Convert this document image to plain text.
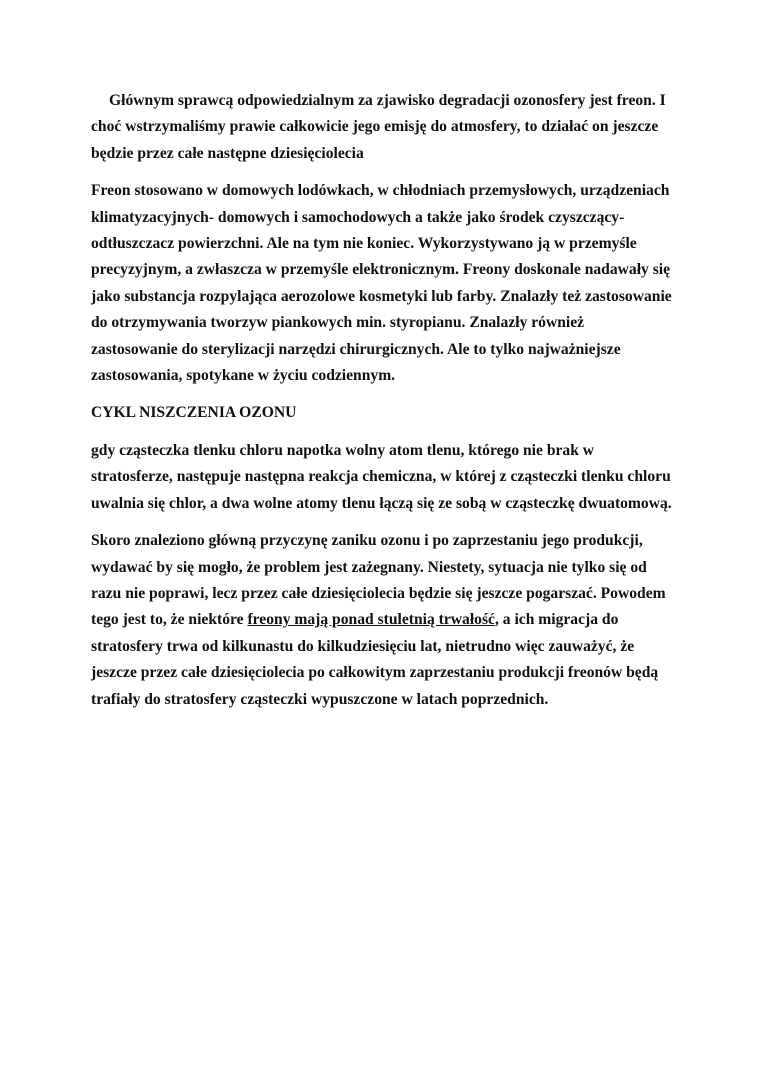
Głównym sprawcą odpowiedzialnym za zjawisko degradacji ozonosfery jest freon. I choć wstrzymaliśmy prawie całkowicie jego emisję do atmosfery, to działać on jeszcze będzie przez całe następne dziesięciolecia

Freon stosowano w domowych lodówkach, w chłodniach przemysłowych, urządzeniach klimatyzacyjnych- domowych i samochodowych a także jako środek czyszczący-odtłuszczacz powierzchni. Ale na tym nie koniec. Wykorzystywano ją w przemyśle precyzyjnym, a zwłaszcza w przemyśle elektronicznym. Freony doskonale nadawały się jako substancja rozpylająca aerozolowe kosmetyki lub farby. Znalazły też zastosowanie do otrzymywania tworzyw piankowych min. styropianu. Znalazły również zastosowanie do sterylizacji narzędzi chirurgicznych. Ale to tylko najważniejsze zastosowania, spotykane w życiu codziennym.

CYKL NISZCZENIA OZONU

gdy cząsteczka tlenku chloru napotka wolny atom tlenu, którego nie brak w stratosferze, następuje następna reakcja chemiczna, w której z cząsteczki tlenku chloru uwalnia się chlor, a dwa wolne atomy tlenu łączą się ze sobą w cząsteczkę dwuatomową.

Skoro znaleziono główną przyczynę zaniku ozonu i po zaprzestaniu jego produkcji, wydawać by się mogło, że problem jest zażegnany. Niestety, sytuacja nie tylko się od razu nie poprawi, lecz przez całe dziesięciolecia będzie się jeszcze pogarszać. Powodem tego jest to, że niektóre freony mają ponad stuletnią trwałość, a ich migracja do stratosfery trwa od kilkunastu do kilkudziesięciu lat, nietrudno więc zauważyć, że jeszcze przez całe dziesięciolecia po całkowitym zaprzestaniu produkcji freonów będą trafiały do stratosfery cząsteczki wypuszczone w latach poprzednich.
